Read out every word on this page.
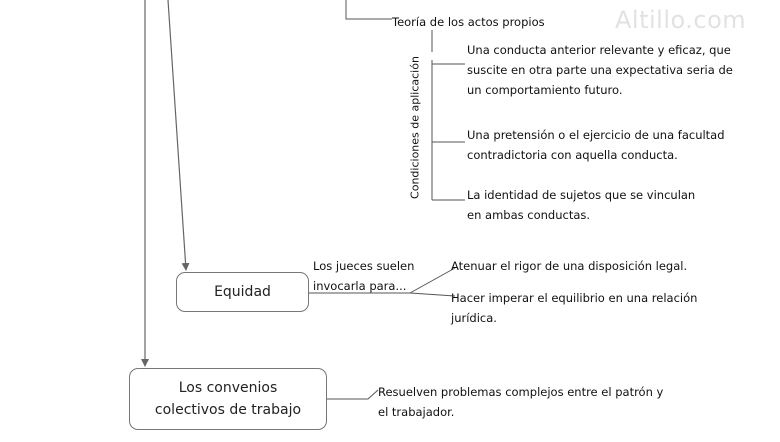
Altillo.com
Teoría de los actos propios
Condiciones de aplicación
Una conducta anterior relevante y eficaz, que
suscite en otra parte una expectativa seria de
un comportamiento futuro.
Una pretensión o el ejercicio de una facultad
contradictoria con aquella conducta.
La identidad de sujetos que se vinculan
en ambas conductas.
Equidad
Los jueces suelen
invocarla para...
Atenuar el rigor de una disposición legal.
Hacer imperar el equilibrio en una relación
jurídica.
Los convenios
colectivos de trabajo
Resuelven problemas complejos entre el patrón y
el trabajador.
